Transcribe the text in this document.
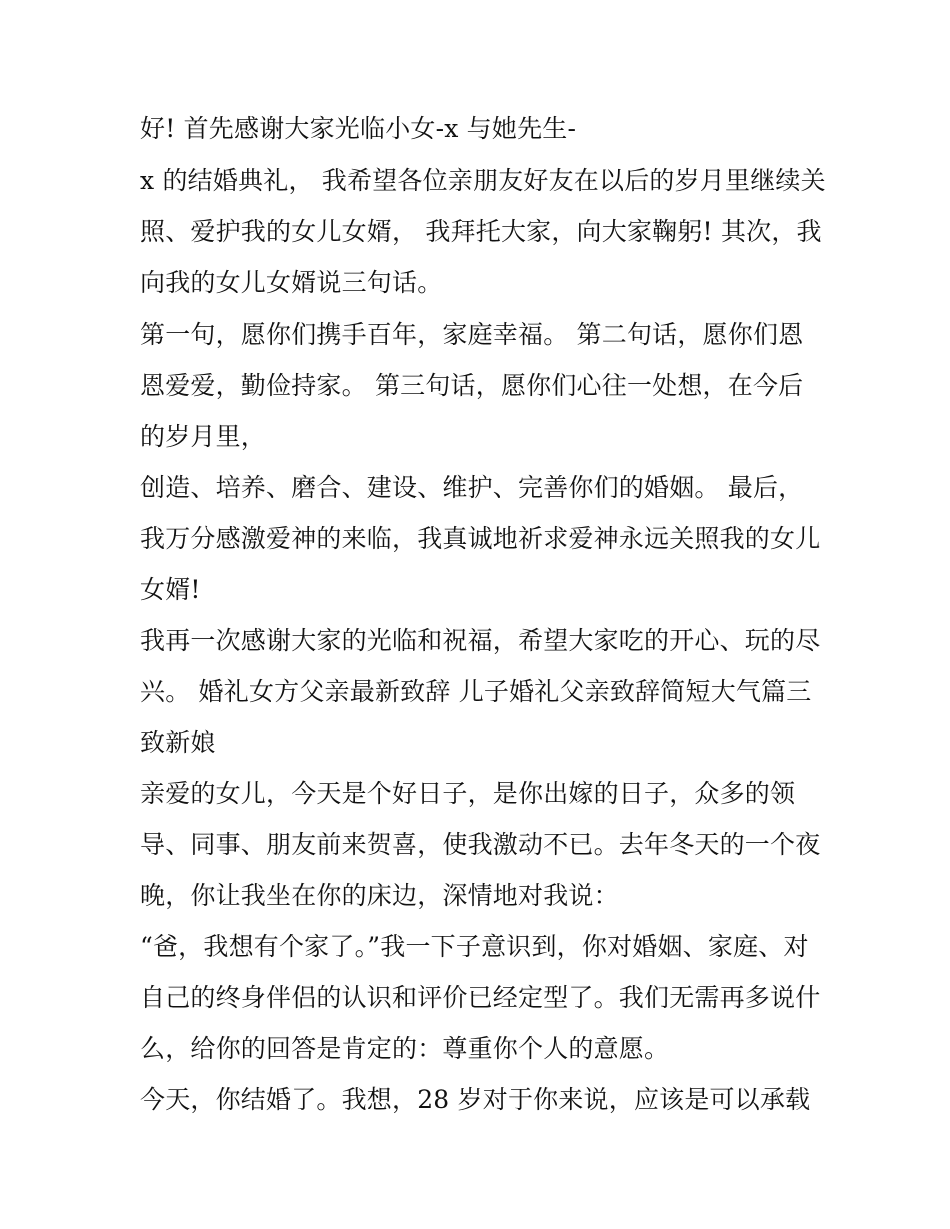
好! 首先感谢大家光临小女-x 与她先生-
x 的结婚典礼， 我希望各位亲朋友好友在以后的岁月里继续关
照、爱护我的女儿女婿， 我拜托大家，向大家鞠躬! 其次，我
向我的女儿女婿说三句话。
第一句，愿你们携手百年，家庭幸福。 第二句话，愿你们恩
恩爱爱，勤俭持家。 第三句话，愿你们心往一处想，在今后
的岁月里，
创造、培养、磨合、建设、维护、完善你们的婚姻。 最后，
我万分感激爱神的来临，我真诚地祈求爱神永远关照我的女儿
女婿!
我再一次感谢大家的光临和祝福，希望大家吃的开心、玩的尽
兴。 婚礼女方父亲最新致辞 儿子婚礼父亲致辞简短大气篇三
致新娘
亲爱的女儿，今天是个好日子，是你出嫁的日子，众多的领
导、同事、朋友前来贺喜，使我激动不已。去年冬天的一个夜
晚，你让我坐在你的床边，深情地对我说：
“爸，我想有个家了。”我一下子意识到，你对婚姻、家庭、对
自己的终身伴侣的认识和评价已经定型了。我们无需再多说什
么，给你的回答是肯定的：尊重你个人的意愿。
今天，你结婚了。我想，28 岁对于你来说，应该是可以承载
